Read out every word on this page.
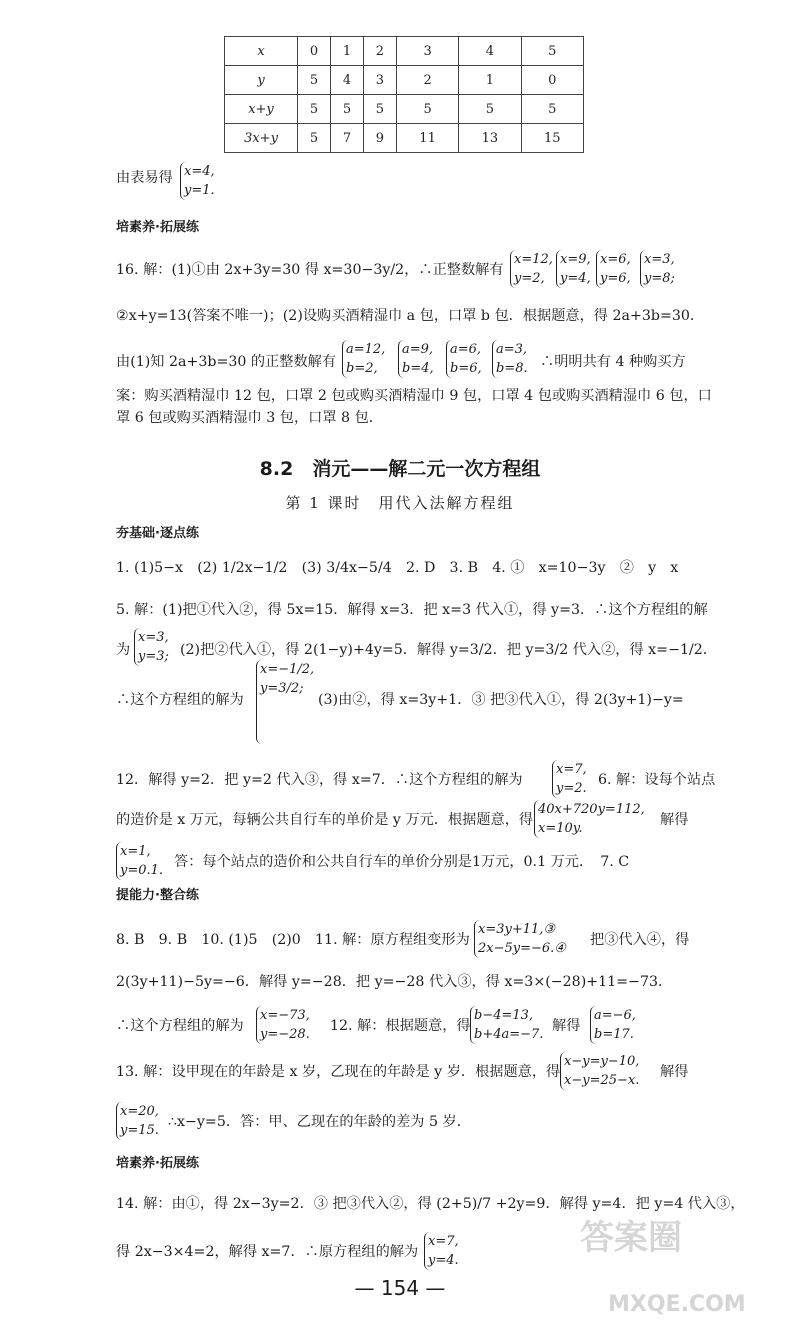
x	0	1	2	3	4	5
y	5	4	3	2	1	0
x+y	5	5	5	5	5	5
3x+y	5	7	9	11	13	15
由表易得 x=4,
y=1.
培素养·拓展练
16. 解：(1)①由 2x+3y=30 得 x=30−3y/2，∴正整数解有
x=12,
y=2,
x=9,
y=4,
x=6,
y=6,
x=3,
y=8;
②x+y=13(答案不唯一)；(2)设购买酒精湿巾 a 包，口罩 b 包．根据题意，得 2a+3b=30．
由(1)知 2a+3b=30 的正整数解有
a=12,
b=2,
a=9,
b=4,
a=6,
b=6,
a=3,
b=8. ∴明明共有 4 种购买方
案：购买酒精湿巾 12 包，口罩 2 包或购买酒精湿巾 9 包，口罩 4 包或购买酒精湿巾 6 包，口
罩 6 包或购买酒精湿巾 3 包，口罩 8 包．
8.2　消元——解二元一次方程组
第 1 课时　用代入法解方程组
夯基础·逐点练
1. (1)5−x　(2) 1/2x−1/2　(3) 3/4x−5/4　2. D　3. B　4. ①　x=10−3y　②　y　x
5. 解：(1)把①代入②，得 5x=15．解得 x=3．把 x=3 代入①，得 y=3．∴这个方程组的解
为
x=3,
y=3; (2)把②代入①，得 2(1−y)+4y=5．解得 y=3/2．把 y=3/2 代入②，得 x=−1/2．
∴这个方程组的解为
x=−1/2,
y=3/2;
(3)由②，得 x=3y+1．③ 把③代入①，得 2(3y+1)−y=
12．解得 y=2．把 y=2 代入③，得 x=7．∴这个方程组的解为
x=7,
y=2.
6. 解：设每个站点
的造价是 x 万元，每辆公共自行车的单价是 y 万元．根据题意，得
40x+720y=112,
x=10y.
解得
x=1,
y=0.1.
答：每个站点的造价和公共自行车的单价分别是1万元，0.1 万元．　7. C
提能力·整合练
8. B　9. B　10. (1)5　(2)0　11. 解：原方程组变形为
x=3y+11,③
2x−5y=−6.④
把③代入④，得
2(3y+11)−5y=−6．解得 y=−28．把 y=−28 代入③，得 x=3×(−28)+11=−73．
∴这个方程组的解为
x=−73,
y=−28.
12. 解：根据题意，得
b−4=13,
b+4a=−7.
解得
a=−6,
b=17.
13. 解：设甲现在的年龄是 x 岁，乙现在的年龄是 y 岁．根据题意，得
x−y=y−10,
x−y=25−x.
解得
x=20,
y=15.
∴x−y=5．答：甲、乙现在的年龄的差为 5 岁．
培素养·拓展练
14. 解：由①，得 2x−3y=2．③ 把③代入②，得 (2+5)/7 +2y=9．解得 y=4．把 y=4 代入③，
得 2x−3×4=2，解得 x=7．∴原方程组的解为
x=7,
y=4.
— 154 —
答案圈
MXQE.COM
